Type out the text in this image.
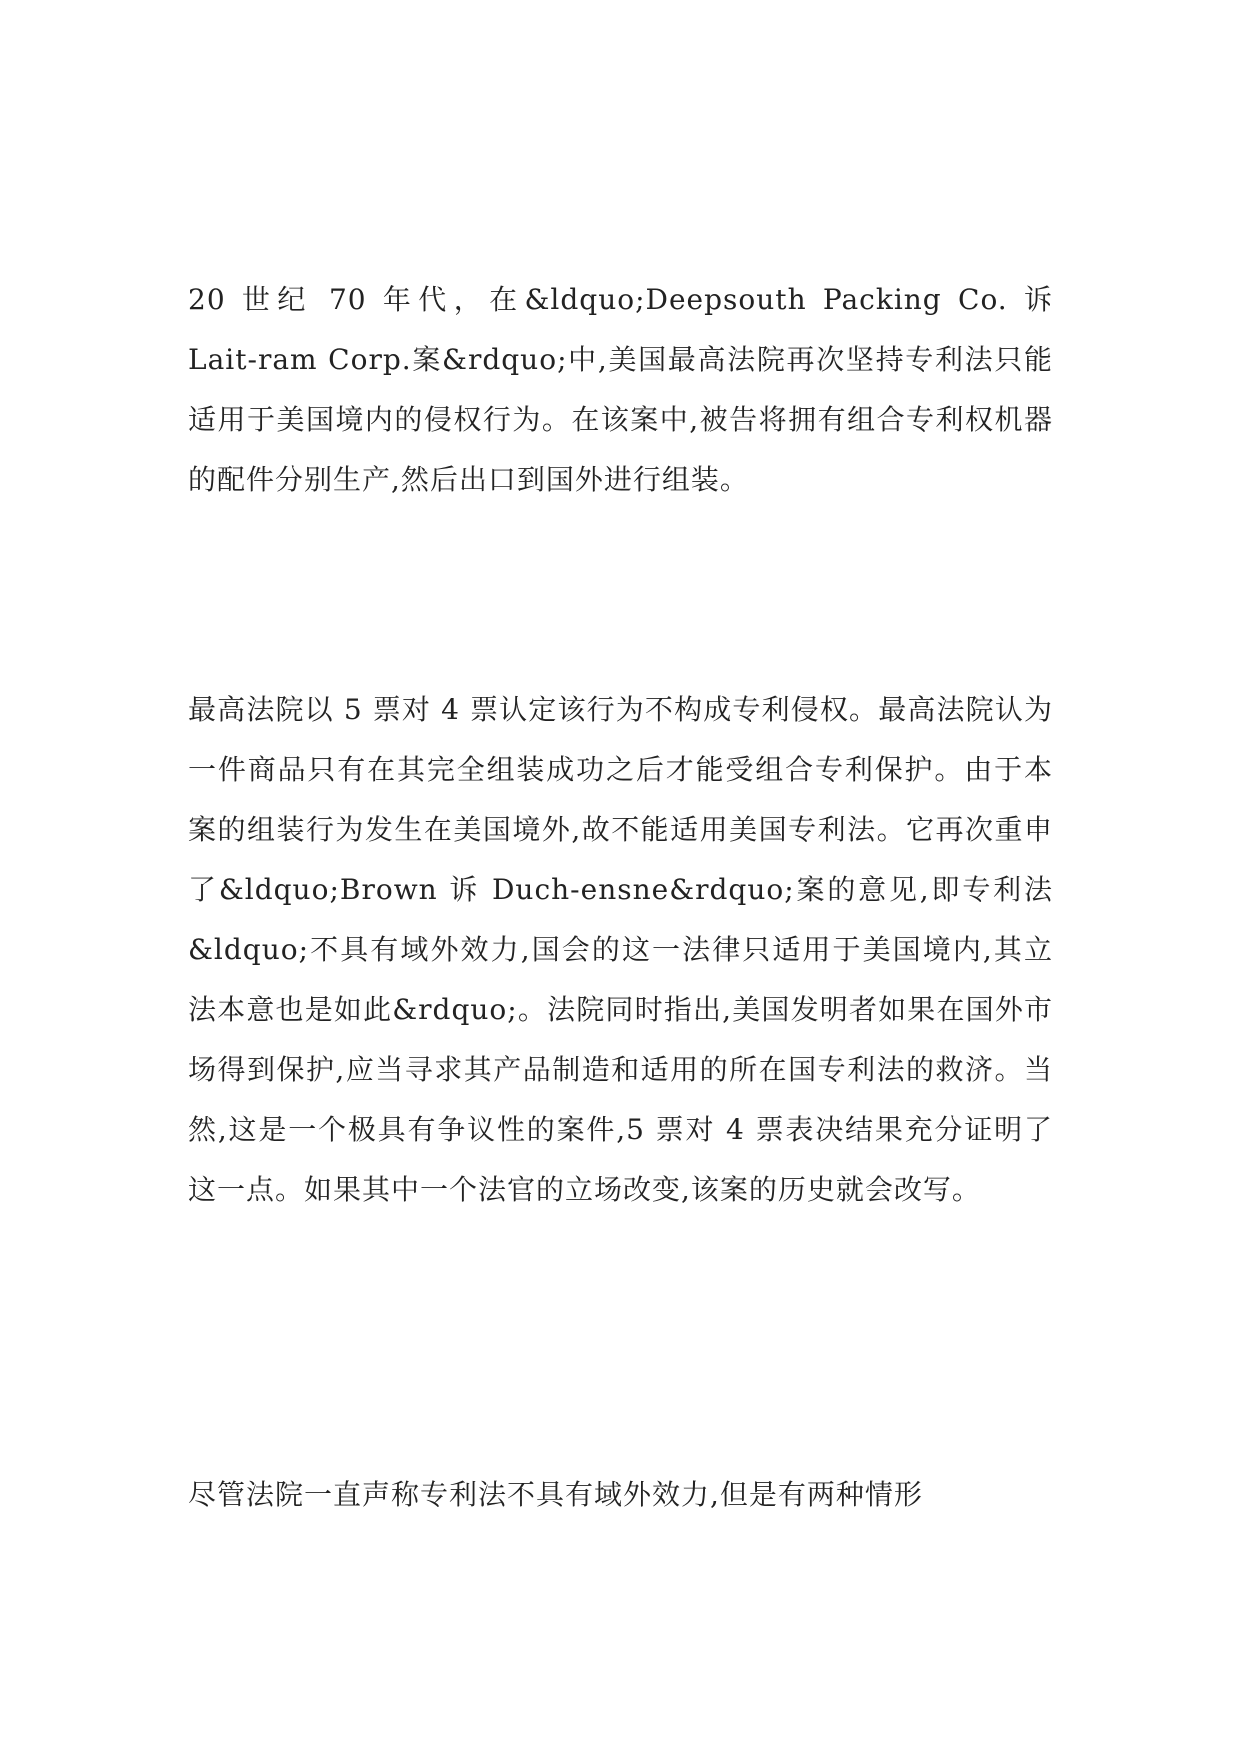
20 世纪 70 年代，在&ldquo;Deepsouth Packing Co. 诉 Lait-ram Corp.案&rdquo;中,美国最高法院再次坚持专利法只能适用于美国境内的侵权行为。在该案中,被告将拥有组合专利权机器的配件分别生产,然后出口到国外进行组装。

最高法院以 5 票对 4 票认定该行为不构成专利侵权。最高法院认为一件商品只有在其完全组装成功之后才能受组合专利保护。由于本案的组装行为发生在美国境外,故不能适用美国专利法。它再次重申了&ldquo;Brown 诉 Duch-ensne&rdquo;案的意见,即专利法&ldquo;不具有域外效力,国会的这一法律只适用于美国境内,其立法本意也是如此&rdquo;。法院同时指出,美国发明者如果在国外市场得到保护,应当寻求其产品制造和适用的所在国专利法的救济。当然,这是一个极具有争议性的案件,5 票对 4 票表决结果充分证明了这一点。如果其中一个法官的立场改变,该案的历史就会改写。

尽管法院一直声称专利法不具有域外效力,但是有两种情形
